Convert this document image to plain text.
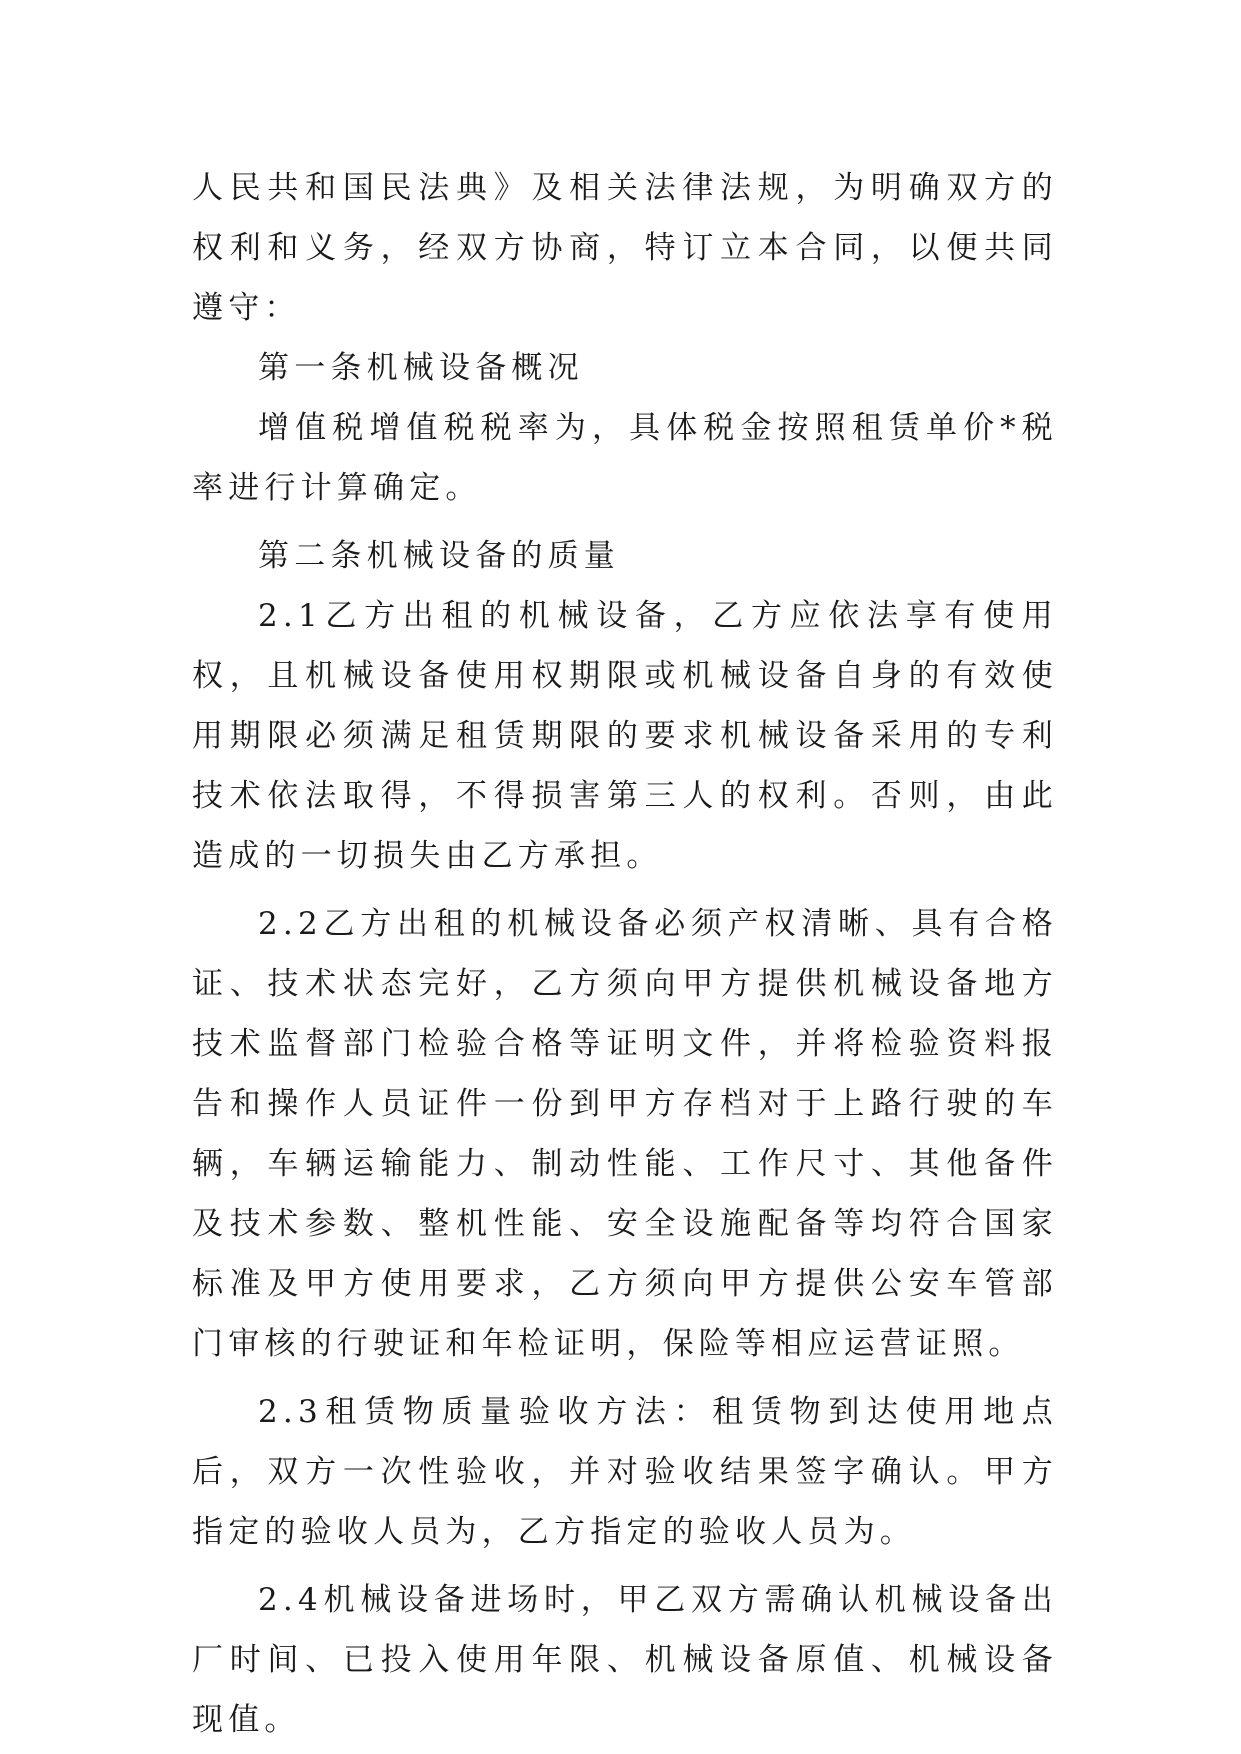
人民共和国民法典》及相关法律法规，为明确双方的权利和义务，经双方协商，特订立本合同，以便共同遵守：

第一条机械设备概况

增值税增值税税率为，具体税金按照租赁单价*税率进行计算确定。

第二条机械设备的质量

2.1乙方出租的机械设备，乙方应依法享有使用权，且机械设备使用权期限或机械设备自身的有效使用期限必须满足租赁期限的要求机械设备采用的专利技术依法取得，不得损害第三人的权利。否则，由此造成的一切损失由乙方承担。

2.2乙方出租的机械设备必须产权清晰、具有合格证、技术状态完好，乙方须向甲方提供机械设备地方技术监督部门检验合格等证明文件，并将检验资料报告和操作人员证件一份到甲方存档对于上路行驶的车辆，车辆运输能力、制动性能、工作尺寸、其他备件及技术参数、整机性能、安全设施配备等均符合国家标准及甲方使用要求，乙方须向甲方提供公安车管部门审核的行驶证和年检证明，保险等相应运营证照。

2.3租赁物质量验收方法：租赁物到达使用地点后，双方一次性验收，并对验收结果签字确认。甲方指定的验收人员为，乙方指定的验收人员为。

2.4机械设备进场时，甲乙双方需确认机械设备出厂时间、已投入使用年限、机械设备原值、机械设备现值。
